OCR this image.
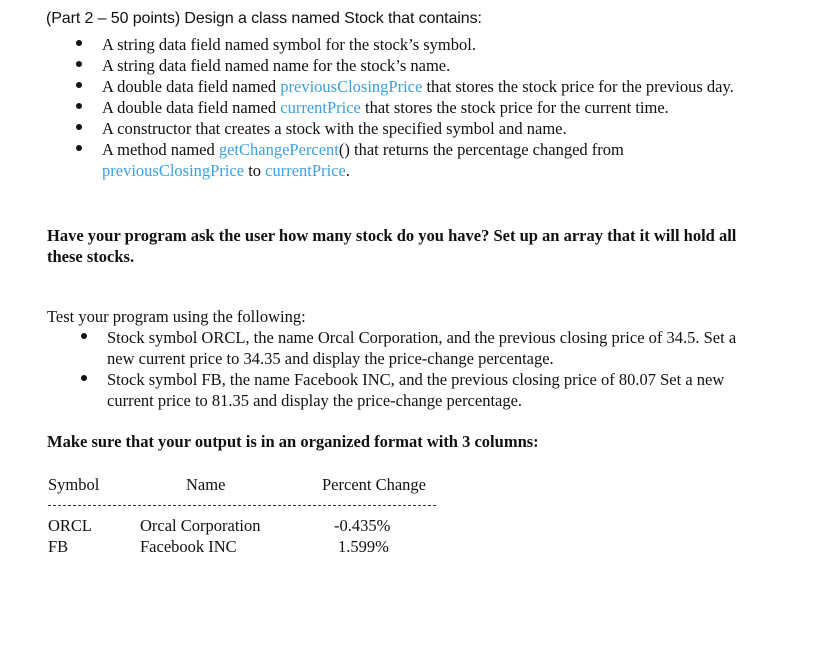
(Part 2 – 50 points) Design a class named Stock that contains:
A string data field named symbol for the stock’s symbol.
A string data field named name for the stock’s name.
A double data field named previousClosingPrice that stores the stock price for the previous day.
A double data field named currentPrice that stores the stock price for the current time.
A constructor that creates a stock with the specified symbol and name.
A method named getChangePercent() that returns the percentage changed from previousClosingPrice to currentPrice.
Have your program ask the user how many stock do you have? Set up an array that it will hold all these stocks.
Test your program using the following:
Stock symbol ORCL, the name Orcal Corporation, and the previous closing price of 34.5. Set a new current price to 34.35 and display the price-change percentage.
Stock symbol FB, the name Facebook INC, and the previous closing price of 80.07 Set a new current price to 81.35 and display the price-change percentage.
Make sure that your output is in an organized format with 3 columns:
Symbol	Name	Percent Change
ORCL	Orcal Corporation	-0.435%
FB	Facebook INC	1.599%
